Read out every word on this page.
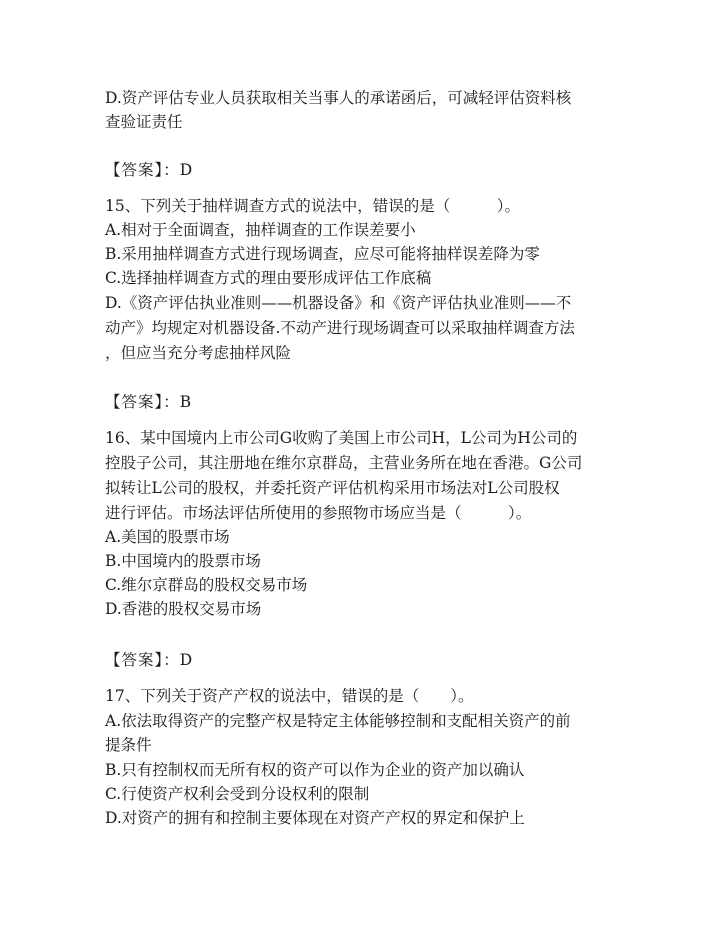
D.资产评估专业人员获取相关当事人的承诺函后，可减轻评估资料核
查验证责任
【答案】：D
15、下列关于抽样调查方式的说法中，错误的是（　　　）。
A.相对于全面调查，抽样调查的工作误差要小
B.采用抽样调查方式进行现场调查，应尽可能将抽样误差降为零
C.选择抽样调查方式的理由要形成评估工作底稿
D.《资产评估执业准则——机器设备》和《资产评估执业准则——不
动产》均规定对机器设备.不动产进行现场调查可以采取抽样调查方法
，但应当充分考虑抽样风险
【答案】：B
16、某中国境内上市公司G收购了美国上市公司H，L公司为H公司的
控股子公司，其注册地在维尔京群岛，主营业务所在地在香港。G公司
拟转让L公司的股权，并委托资产评估机构采用市场法对L公司股权
进行评估。市场法评估所使用的参照物市场应当是（　　　）。
A.美国的股票市场
B.中国境内的股票市场
C.维尔京群岛的股权交易市场
D.香港的股权交易市场
【答案】：D
17、下列关于资产产权的说法中，错误的是（　　）。
A.依法取得资产的完整产权是特定主体能够控制和支配相关资产的前
提条件
B.只有控制权而无所有权的资产可以作为企业的资产加以确认
C.行使资产权利会受到分设权利的限制
D.对资产的拥有和控制主要体现在对资产产权的界定和保护上
